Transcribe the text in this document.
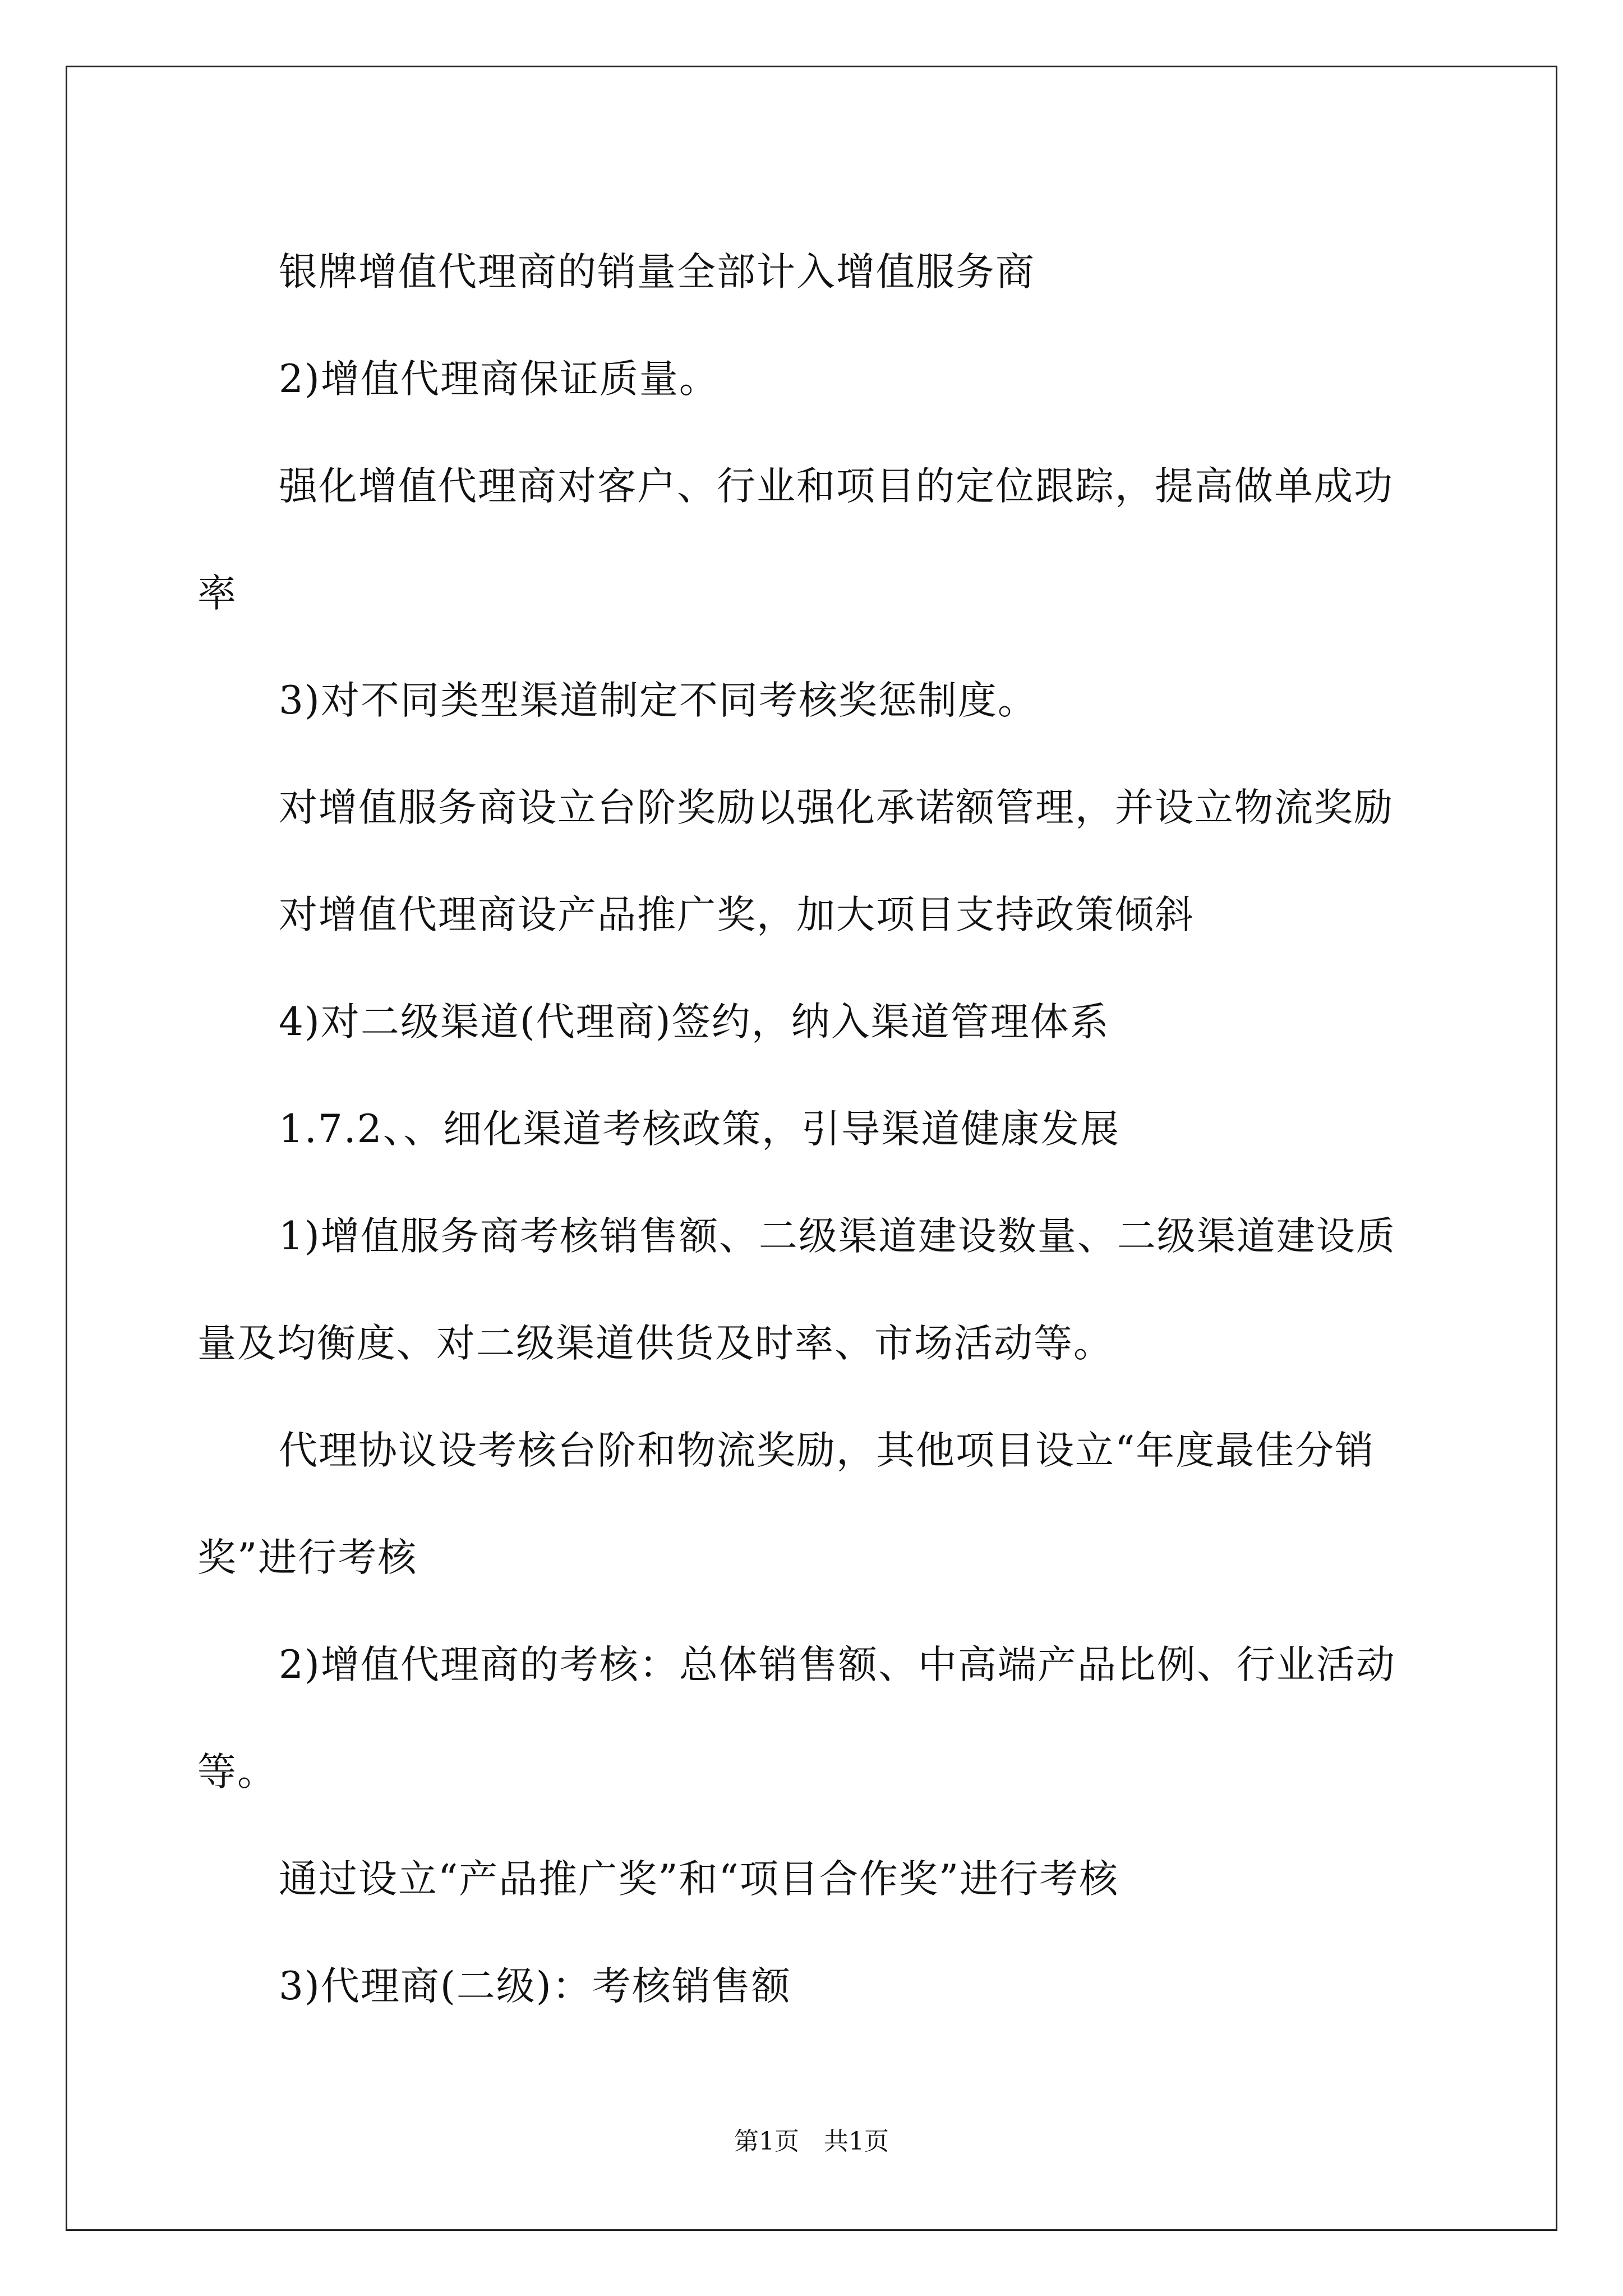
银牌增值代理商的销量全部计入增值服务商

2)增值代理商保证质量。

强化增值代理商对客户、行业和项目的定位跟踪，提高做单成功率

3)对不同类型渠道制定不同考核奖惩制度。

对增值服务商设立台阶奖励以强化承诺额管理，并设立物流奖励

对增值代理商设产品推广奖，加大项目支持政策倾斜

4)对二级渠道(代理商)签约，纳入渠道管理体系

1.7.2、、细化渠道考核政策，引导渠道健康发展

1)增值服务商考核销售额、二级渠道建设数量、二级渠道建设质量及均衡度、对二级渠道供货及时率、市场活动等。

代理协议设考核台阶和物流奖励，其他项目设立“年度最佳分销奖”进行考核

2)增值代理商的考核：总体销售额、中高端产品比例、行业活动等。

通过设立“产品推广奖”和“项目合作奖”进行考核

3)代理商(二级)：考核销售额

第1页　共1页
